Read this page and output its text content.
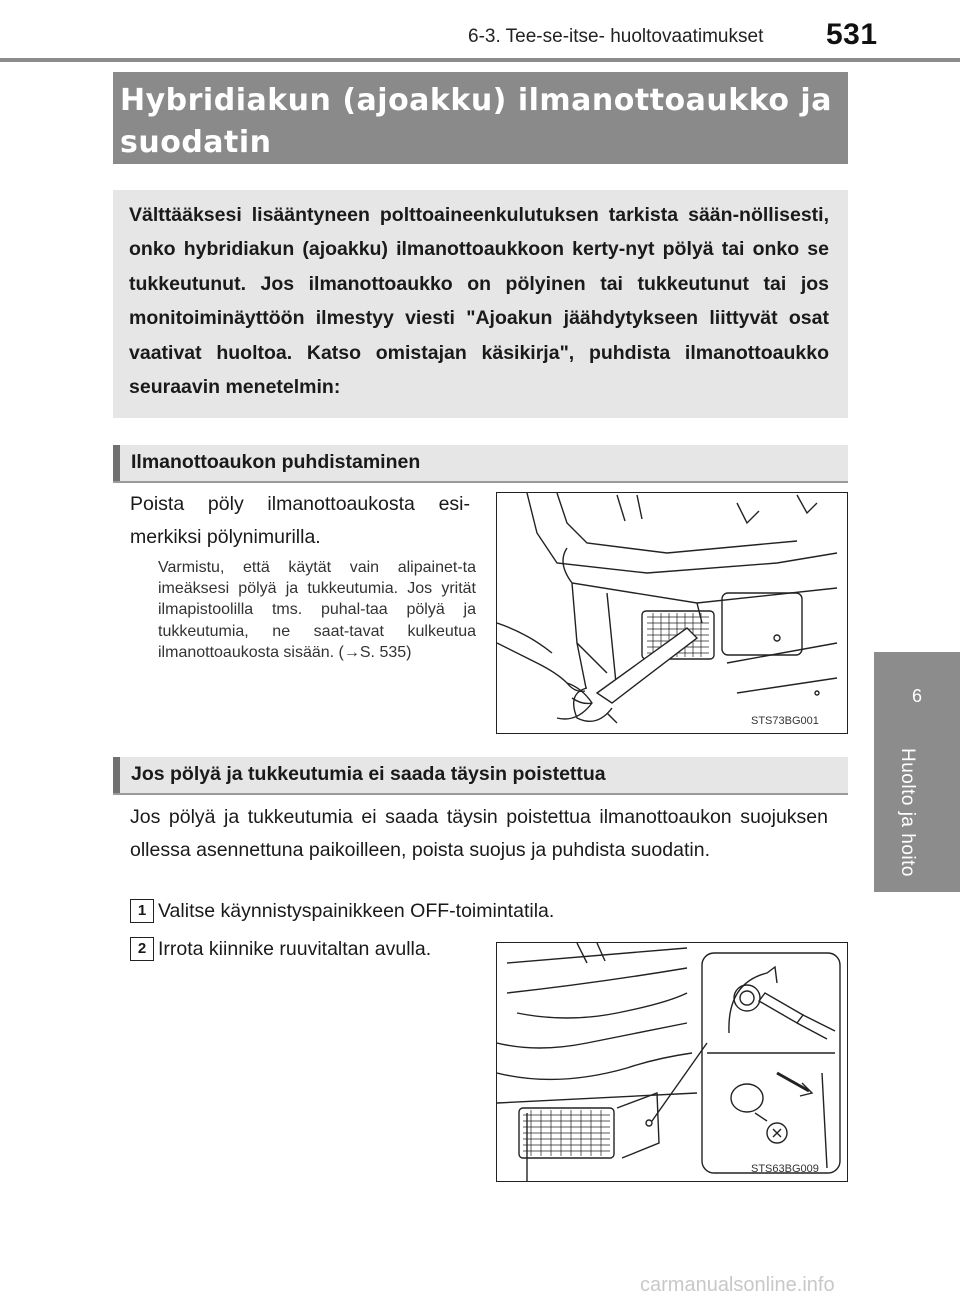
6-3. Tee-se-itse- huoltovaatimukset 531
6
Huolto ja hoito
Hybridiakun (ajoakku) ilmanottoaukko ja suodatin
Välttääksesi lisääntyneen polttoaineenkulutuksen tarkista sään-nöllisesti, onko hybridiakun (ajoakku) ilmanottoaukkoon kerty-nyt pölyä tai onko se tukkeutunut. Jos ilmanottoaukko on pölyinen tai tukkeutunut tai jos monitoiminäyttöön ilmestyy viesti "Ajoakun jäähdytykseen liittyvät osat vaativat huoltoa. Katso omistajan käsikirja", puhdista ilmanottoaukko seuraavin menetelmin:
Ilmanottoaukon puhdistaminen
Poista pöly ilmanottoaukosta esi-merkiksi pölynimurilla.
Varmistu, että käytät vain alipainet-ta imeäksesi pölyä ja tukkeutumia. Jos yrität ilmapistoolilla tms. puhal-taa pölyä ja tukkeutumia, ne saat-tavat kulkeutua ilmanottoaukosta sisään. (→S. 535)
STS73BG001
Jos pölyä ja tukkeutumia ei saada täysin poistettua
Jos pölyä ja tukkeutumia ei saada täysin poistettua ilmanottoaukon suojuksen ollessa asennettuna paikoilleen, poista suojus ja puhdista suodatin.
1 Valitse käynnistyspainikkeen OFF-toimintatila.
2 Irrota kiinnike ruuvitaltan avulla.
STS63BG009
carmanualsonline.info
